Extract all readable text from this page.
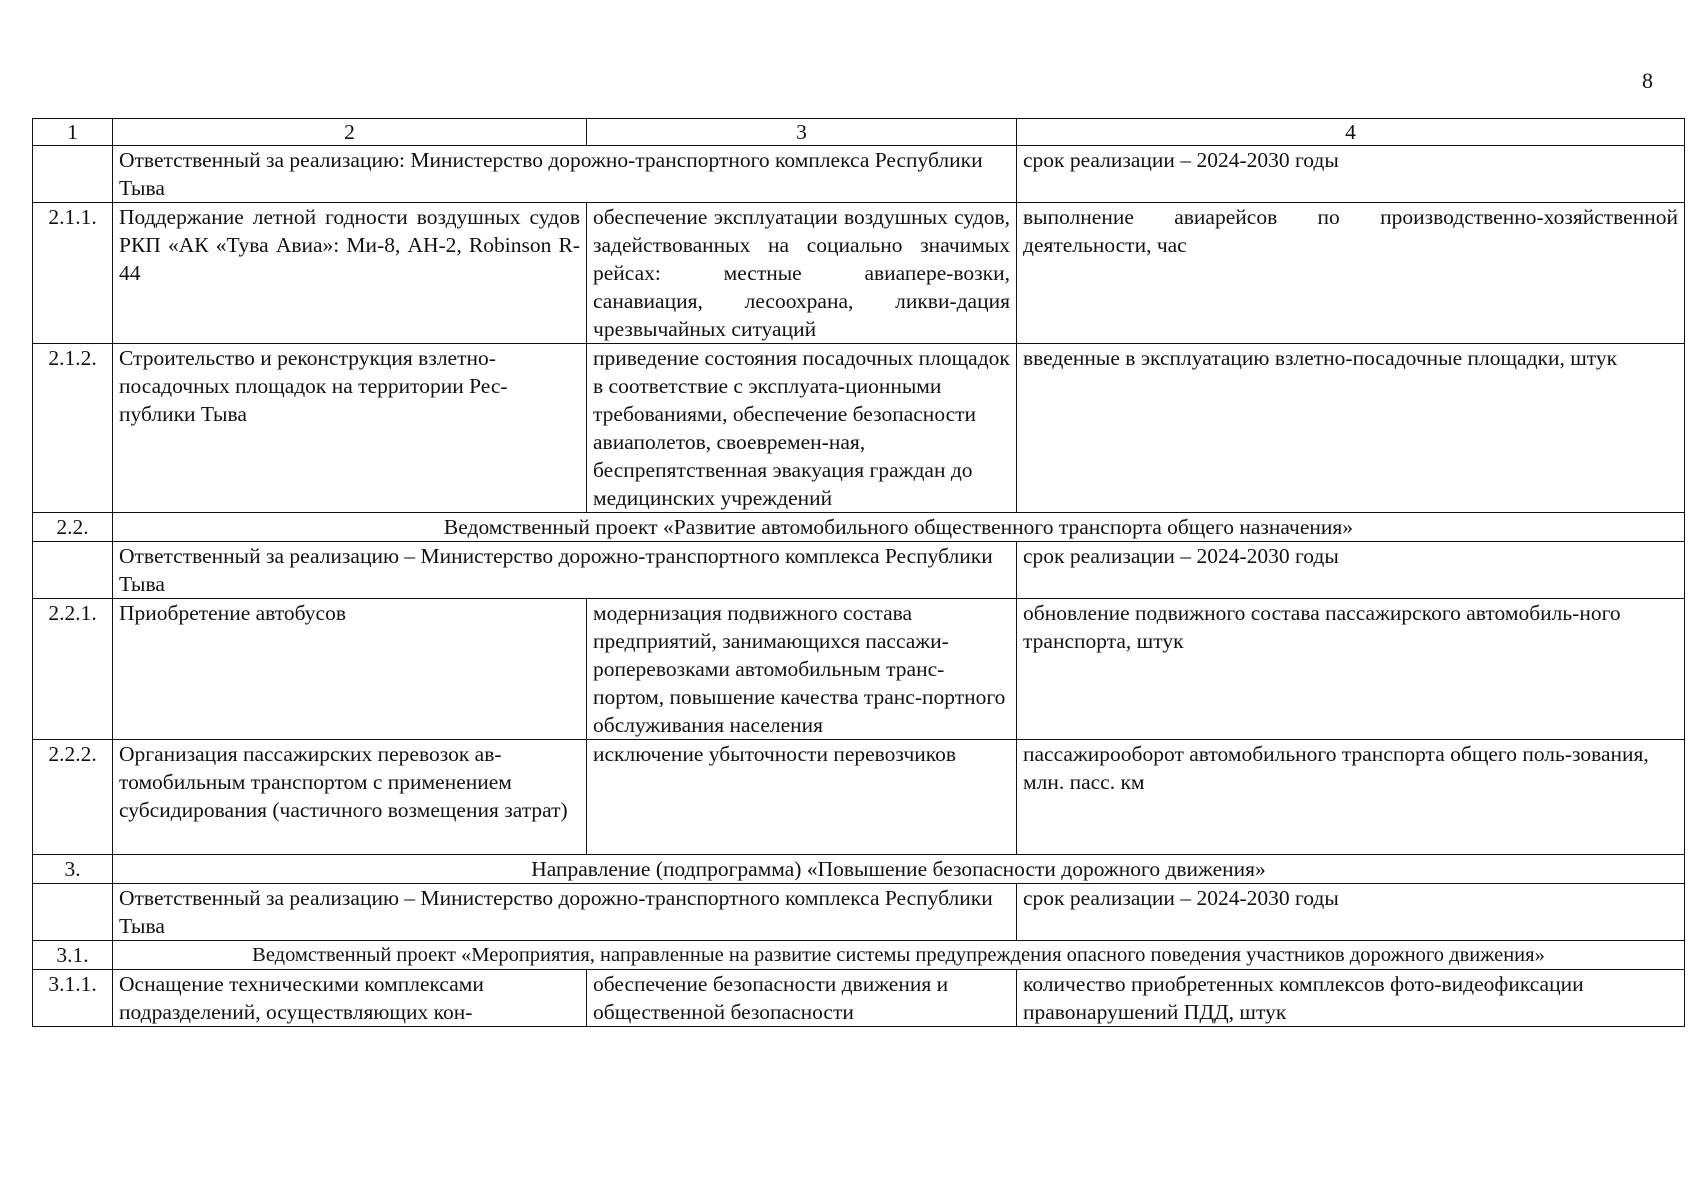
8
1	2	3	4
	Ответственный за реализацию: Министерство дорожно-транспортного комплекса Республики Тыва		срок реализации – 2024-2030 годы
2.1.1.	Поддержание летной годности воздушных судов РКП «АК «Тува Авиа»: Ми-8, АН-2, Robinson R-44	обеспечение эксплуатации воздушных судов, задействованных на социально значимых рейсах: местные авиапере-возки, санавиация, лесоохрана, ликви-дация чрезвычайных ситуаций	выполнение авиарейсов по производственно-хозяйственной деятельности, час
2.1.2.	Строительство и реконструкция взлетно-посадочных площадок на территории Рес-публики Тыва	приведение состояния посадочных площадок в соответствие с эксплуата-ционными требованиями, обеспечение безопасности авиаполетов, своевремен-ная, беспрепятственная эвакуация граждан до медицинских учреждений	введенные в эксплуатацию взлетно-посадочные площадки, штук
2.2.	Ведомственный проект «Развитие автомобильного общественного транспорта общего назначения»		
	Ответственный за реализацию – Министерство дорожно-транспортного комплекса Республики Тыва		срок реализации – 2024-2030 годы
2.2.1.	Приобретение автобусов	модернизация подвижного состава предприятий, занимающихся пассажи-роперевозками автомобильным транс-портом, повышение качества транс-портного обслуживания населения	обновление подвижного состава пассажирского автомобиль-ного транспорта, штук
2.2.2.	Организация пассажирских перевозок ав-томобильным транспортом с применением субсидирования (частичного возмещения затрат)	исключение убыточности перевозчиков	пассажирооборот автомобильного транспорта общего поль-зования, млн. пасс. км
3.	Направление (подпрограмма) «Повышение безопасности дорожного движения»		
	Ответственный за реализацию – Министерство дорожно-транспортного комплекса Республики Тыва		срок реализации – 2024-2030 годы
3.1.	Ведомственный проект «Мероприятия, направленные на развитие системы предупреждения опасного поведения участников дорожного движения»		
3.1.1.	Оснащение техническими комплексами подразделений, осуществляющих кон-	обеспечение безопасности движения и общественной безопасности	количество приобретенных комплексов фото-видеофиксации правонарушений ПДД, штук
